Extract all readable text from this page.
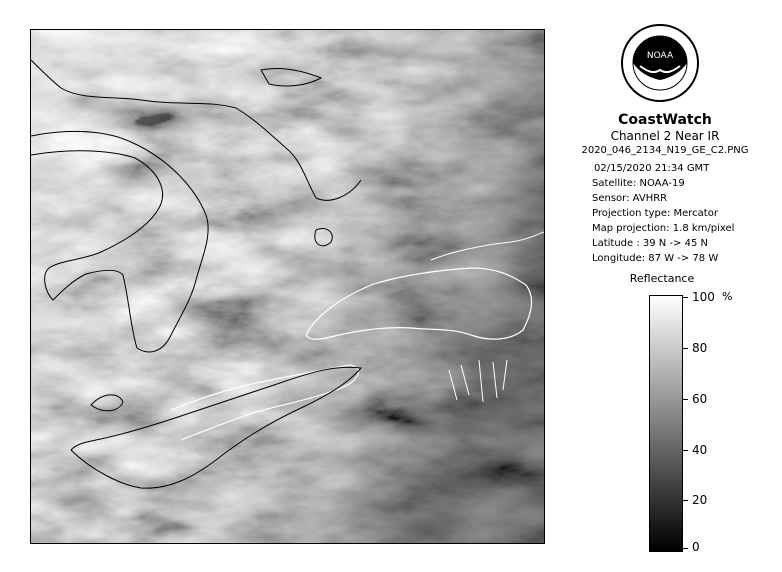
NOAA
CoastWatch
Channel 2 Near IR
2020_046_2134_N19_GE_C2.PNG
02/15/2020 21:34 GMT
Satellite: NOAA-19
Sensor: AVHRR
Projection type: Mercator
Map projection: 1.8 km/pixel
Latitude : 39 N -> 45 N
Longitude: 87 W -> 78 W
Reflectance
%
100
80
60
40
20
0
